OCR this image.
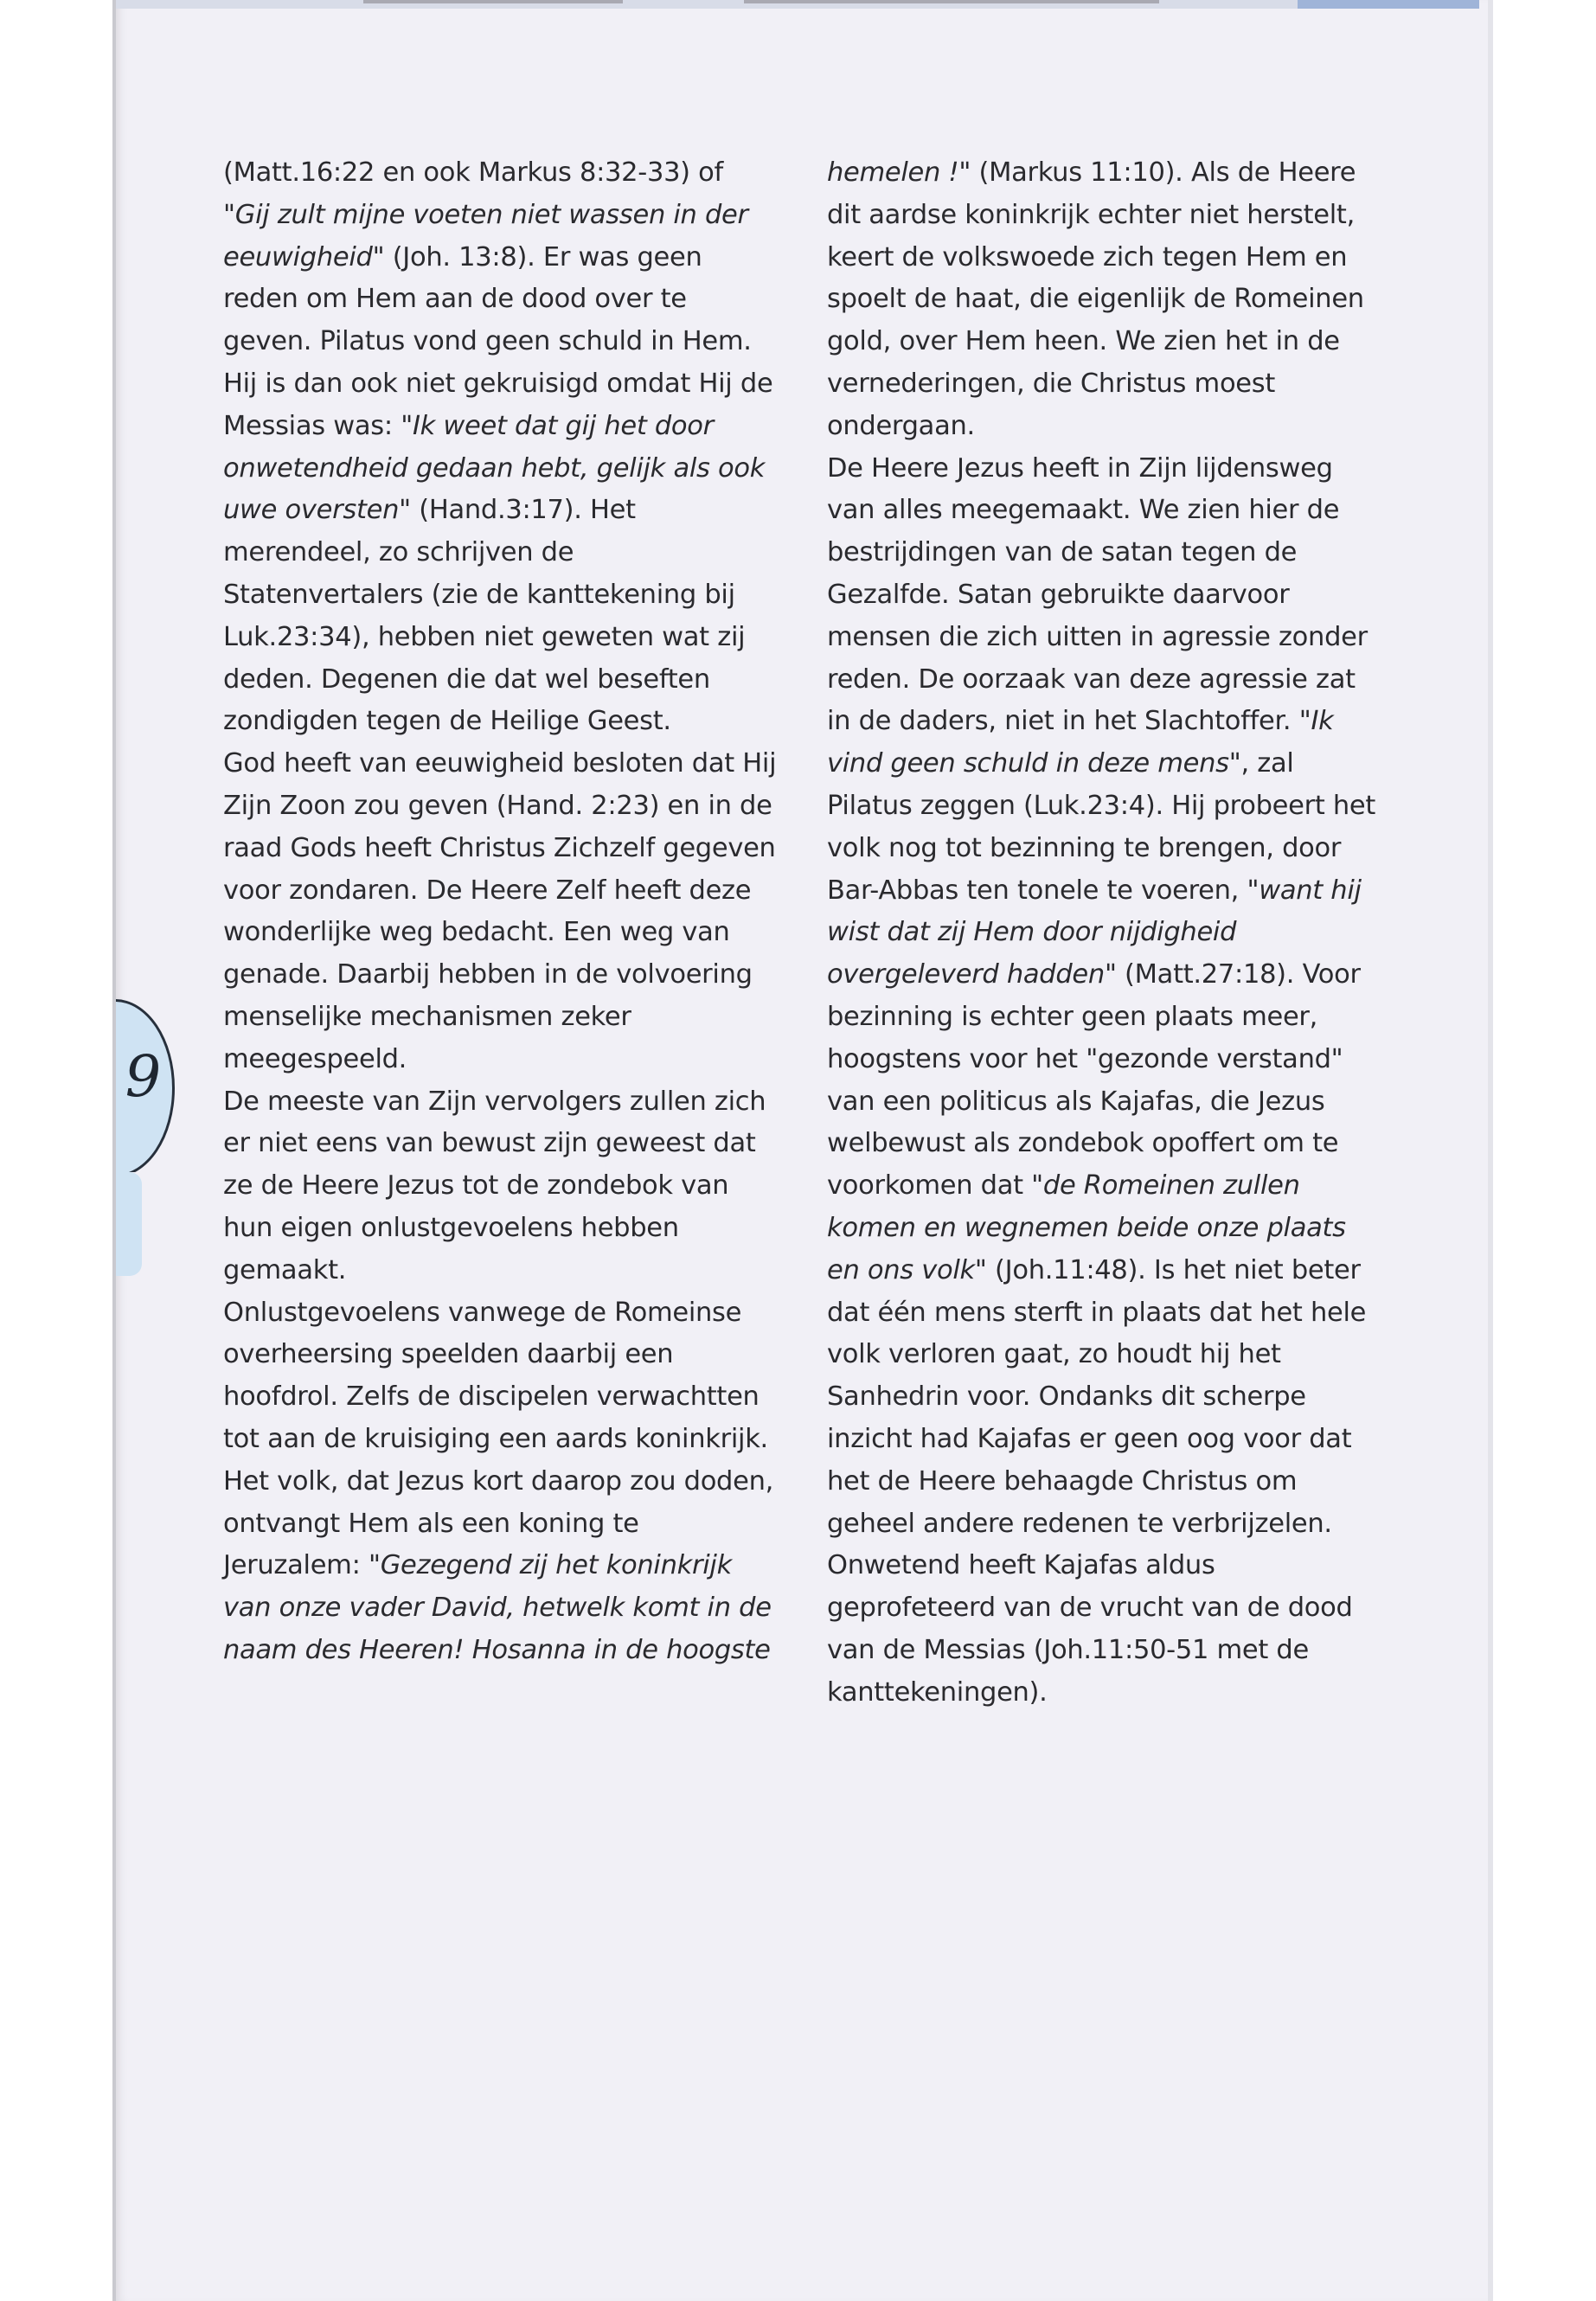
9

(Matt.16:22 en ook Markus 8:32-33) of "Gij zult mijne voeten niet wassen in der eeuwigheid" (Joh. 13:8). Er was geen reden om Hem aan de dood over te geven. Pilatus vond geen schuld in Hem. Hij is dan ook niet gekruisigd omdat Hij de Messias was: "Ik weet dat gij het door onwetendheid gedaan hebt, gelijk als ook uwe oversten" (Hand.3:17). Het merendeel, zo schrijven de Statenvertalers (zie de kanttekening bij Luk.23:34), hebben niet geweten wat zij deden. Degenen die dat wel beseften zondigden tegen de Heilige Geest.

God heeft van eeuwigheid besloten dat Hij Zijn Zoon zou geven (Hand. 2:23) en in de raad Gods heeft Christus Zichzelf gegeven voor zondaren. De Heere Zelf heeft deze wonderlijke weg bedacht. Een weg van genade. Daarbij hebben in de volvoering menselijke mechanismen zeker meegespeeld.

De meeste van Zijn vervolgers zullen zich er niet eens van bewust zijn geweest dat ze de Heere Jezus tot de zondebok van hun eigen onlustgevoelens hebben gemaakt.

Onlustgevoelens vanwege de Romeinse overheersing speelden daarbij een hoofdrol. Zelfs de discipelen verwachtten tot aan de kruisiging een aards koninkrijk. Het volk, dat Jezus kort daarop zou doden, ontvangt Hem als een koning te Jeruzalem: "Gezegend zij het koninkrijk van onze vader David, hetwelk komt in de naam des Heeren! Hosanna in de hoogste

hemelen !" (Markus 11:10). Als de Heere dit aardse koninkrijk echter niet herstelt, keert de volkswoede zich tegen Hem en spoelt de haat, die eigenlijk de Romeinen gold, over Hem heen. We zien het in de vernederingen, die Christus moest ondergaan.

De Heere Jezus heeft in Zijn lijdensweg van alles meegemaakt. We zien hier de bestrijdingen van de satan tegen de Gezalfde. Satan gebruikte daarvoor mensen die zich uitten in agressie zonder reden. De oorzaak van deze agressie zat in de daders, niet in het Slachtoffer. "Ik vind geen schuld in deze mens", zal Pilatus zeggen (Luk.23:4). Hij probeert het volk nog tot bezinning te brengen, door Bar-Abbas ten tonele te voeren, "want hij wist dat zij Hem door nijdigheid overgeleverd hadden" (Matt.27:18). Voor bezinning is echter geen plaats meer, hoogstens voor het "gezonde verstand" van een politicus als Kajafas, die Jezus welbewust als zondebok opoffert om te voorkomen dat "de Romeinen zullen komen en wegnemen beide onze plaats en ons volk" (Joh.11:48). Is het niet beter dat één mens sterft in plaats dat het hele volk verloren gaat, zo houdt hij het Sanhedrin voor. Ondanks dit scherpe inzicht had Kajafas er geen oog voor dat het de Heere behaagde Christus om geheel andere redenen te verbrijzelen. Onwetend heeft Kajafas aldus geprofeteerd van de vrucht van de dood van de Messias (Joh.11:50-51 met de kanttekeningen).
